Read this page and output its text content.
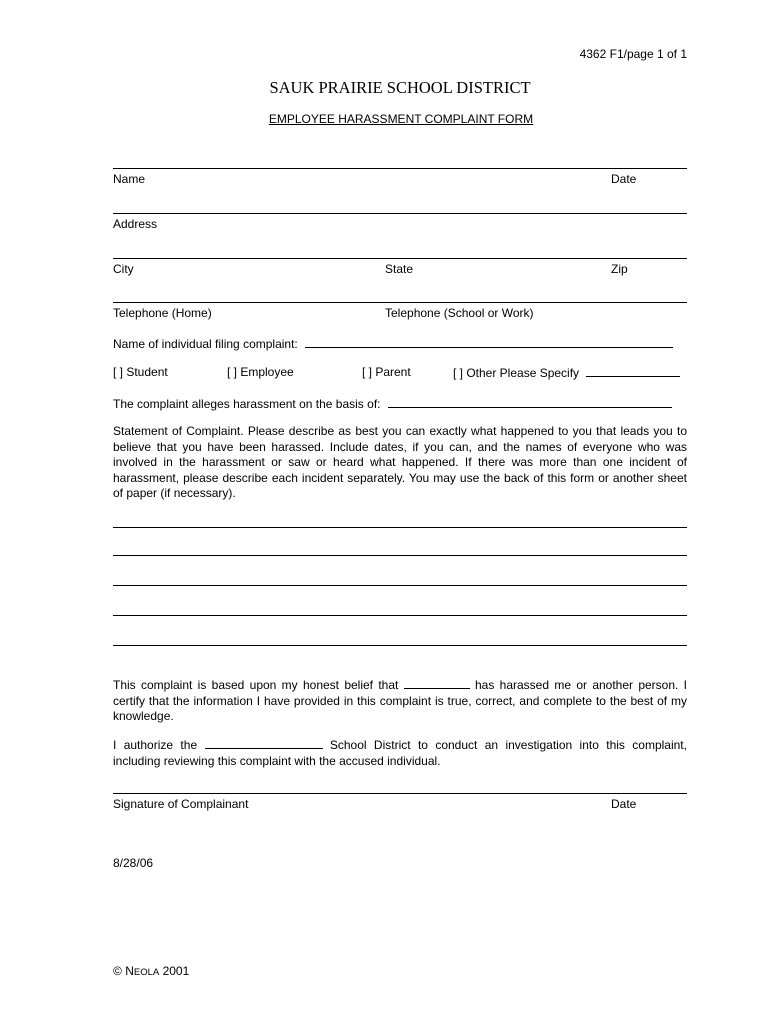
4362 F1/page 1 of 1
SAUK PRAIRIE SCHOOL DISTRICT
EMPLOYEE HARASSMENT COMPLAINT FORM
Name	Date
Address
City	State	Zip
Telephone (Home)	Telephone (School or Work)
Name of individual filing complaint:
[ ] Student	[ ] Employee	[ ] Parent	[ ] Other Please Specify
The complaint alleges harassment on the basis of:
Statement of Complaint. Please describe as best you can exactly what happened to you that leads you to believe that you have been harassed. Include dates, if you can, and the names of everyone who was involved in the harassment or saw or heard what happened. If there was more than one incident of harassment, please describe each incident separately. You may use the back of this form or another sheet of paper (if necessary).
This complaint is based upon my honest belief that	has harassed me or another person. I certify that the information I have provided in this complaint is true, correct, and complete to the best of my knowledge.
I authorize the	School District to conduct an investigation into this complaint, including reviewing this complaint with the accused individual.
Signature of Complainant	Date
8/28/06
© NEOLA 2001
